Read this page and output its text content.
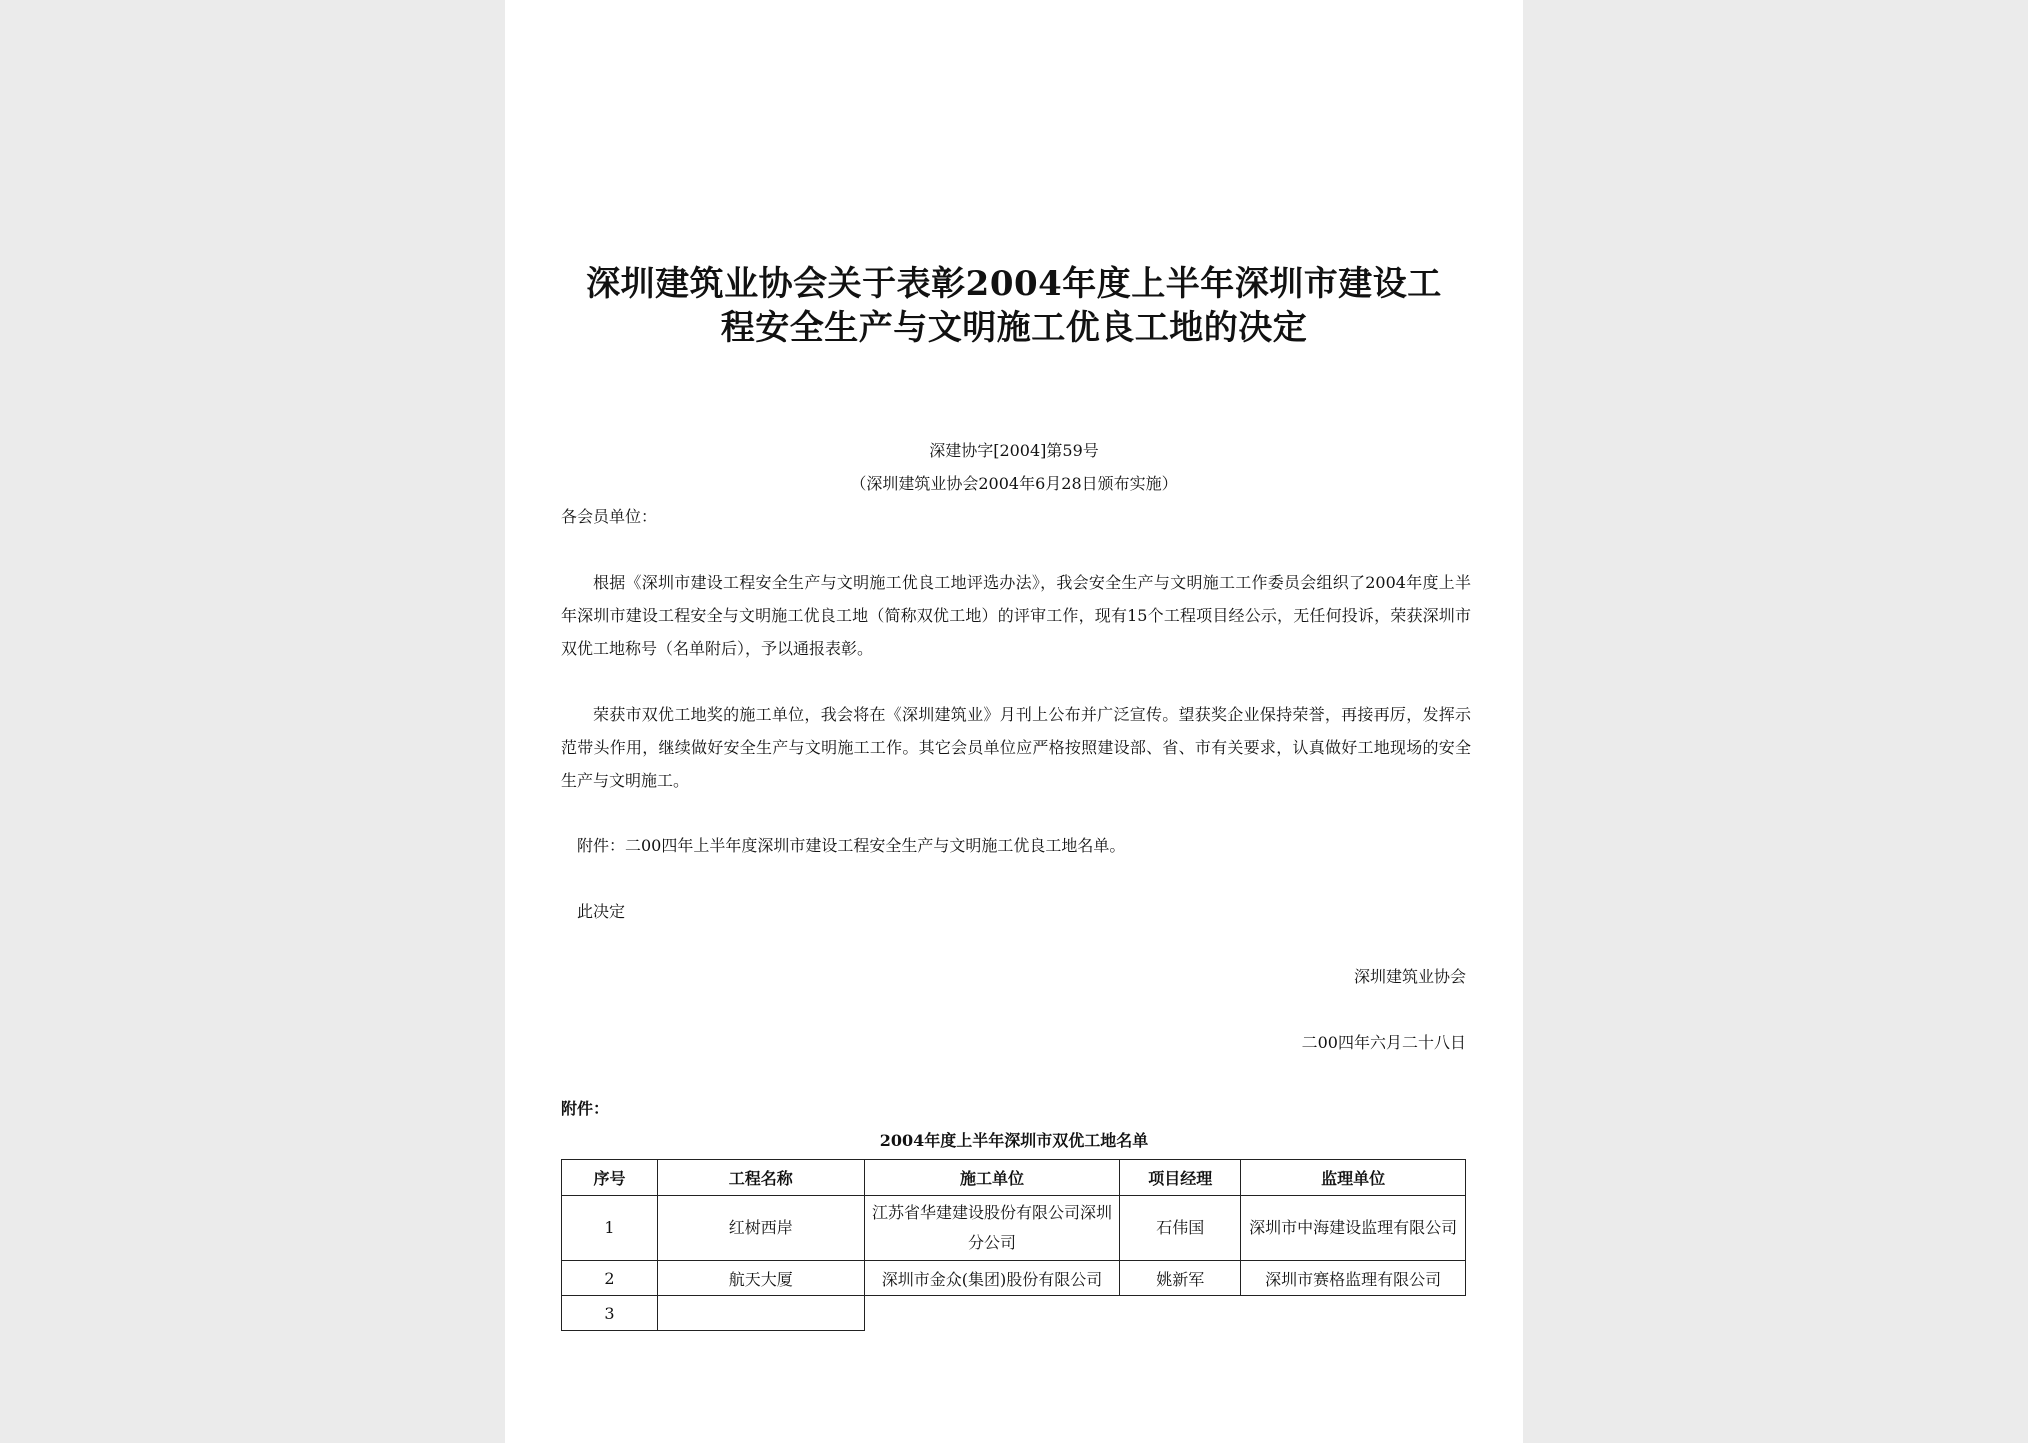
深圳建筑业协会关于表彰2004年度上半年深圳市建设工
程安全生产与文明施工优良工地的决定
深建协字[2004]第59号
（深圳建筑业协会2004年6月28日颁布实施）
各会员单位：
根据《深圳市建设工程安全生产与文明施工优良工地评选办法》，我会安全生产与文明施工工作委员会组织了2004年度上半年深圳市建设工程安全与文明施工优良工地（简称双优工地）的评审工作，现有15个工程项目经公示，无任何投诉，荣获深圳市双优工地称号（名单附后），予以通报表彰。
荣获市双优工地奖的施工单位，我会将在《深圳建筑业》月刊上公布并广泛宣传。望获奖企业保持荣誉，再接再厉，发挥示范带头作用，继续做好安全生产与文明施工工作。其它会员单位应严格按照建设部、省、市有关要求，认真做好工地现场的安全生产与文明施工。
附件：二00四年上半年度深圳市建设工程安全生产与文明施工优良工地名单。
此决定
深圳建筑业协会
二00四年六月二十八日
附件：
2004年度上半年深圳市双优工地名单
序号	工程名称	施工单位	项目经理	监理单位
1	红树西岸	江苏省华建建设股份有限公司深圳分公司	石伟国	深圳市中海建设监理有限公司
2	航天大厦	深圳市金众(集团)股份有限公司	姚新军	深圳市赛格监理有限公司
3				
